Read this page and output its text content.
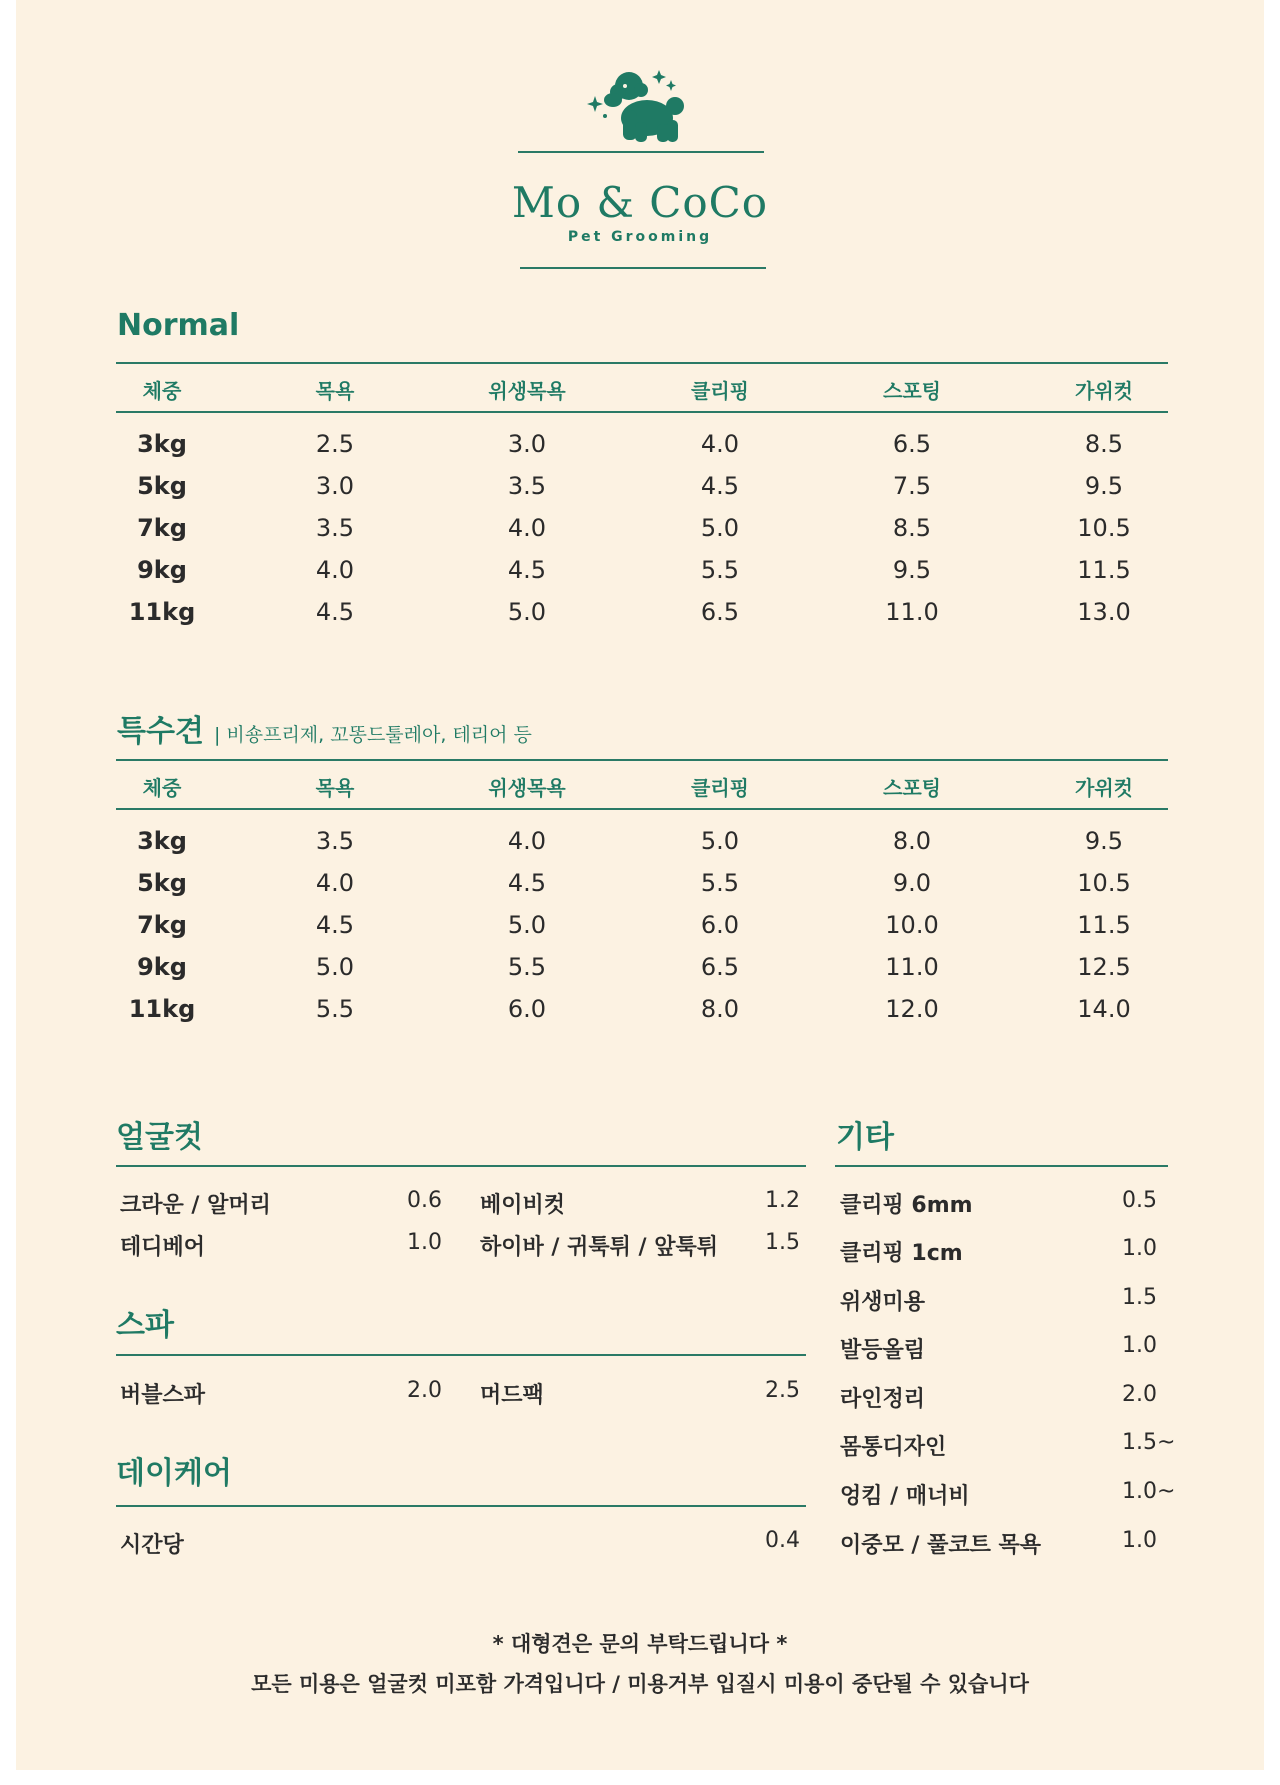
Mo & CoCo
Pet Grooming
Normal
체중	목욕	위생목욕	클리핑	스포팅	가위컷
3kg	2.5	3.0	4.0	6.5	8.5
5kg	3.0	3.5	4.5	7.5	9.5
7kg	3.5	4.0	5.0	8.5	10.5
9kg	4.0	4.5	5.5	9.5	11.5
11kg	4.5	5.0	6.5	11.0	13.0
특수견 | 비숑프리제, 꼬똥드툴레아, 테리어 등
체중	목욕	위생목욕	클리핑	스포팅	가위컷
3kg	3.5	4.0	5.0	8.0	9.5
5kg	4.0	4.5	5.5	9.0	10.5
7kg	4.5	5.0	6.0	10.0	11.5
9kg	5.0	5.5	6.5	11.0	12.5
11kg	5.5	6.0	8.0	12.0	14.0
얼굴컷
크라운 / 알머리	0.6 베이비컷	1.2
테디베어	1.0 하이바 / 귀툭튀 / 앞툭튀	1.5
스파
버블스파	2.0 머드팩	2.5
데이케어
시간당	0.4
기타
클리핑 6mm	0.5
클리핑 1cm	1.0
위생미용	1.5
발등올림	1.0
라인정리	2.0
몸통디자인	1.5~
엉킴 / 매너비	1.0~
이중모 / 풀코트 목욕	1.0
* 대형견은 문의 부탁드립니다 *
모든 미용은 얼굴컷 미포함 가격입니다 / 미용거부 입질시 미용이 중단될 수 있습니다
